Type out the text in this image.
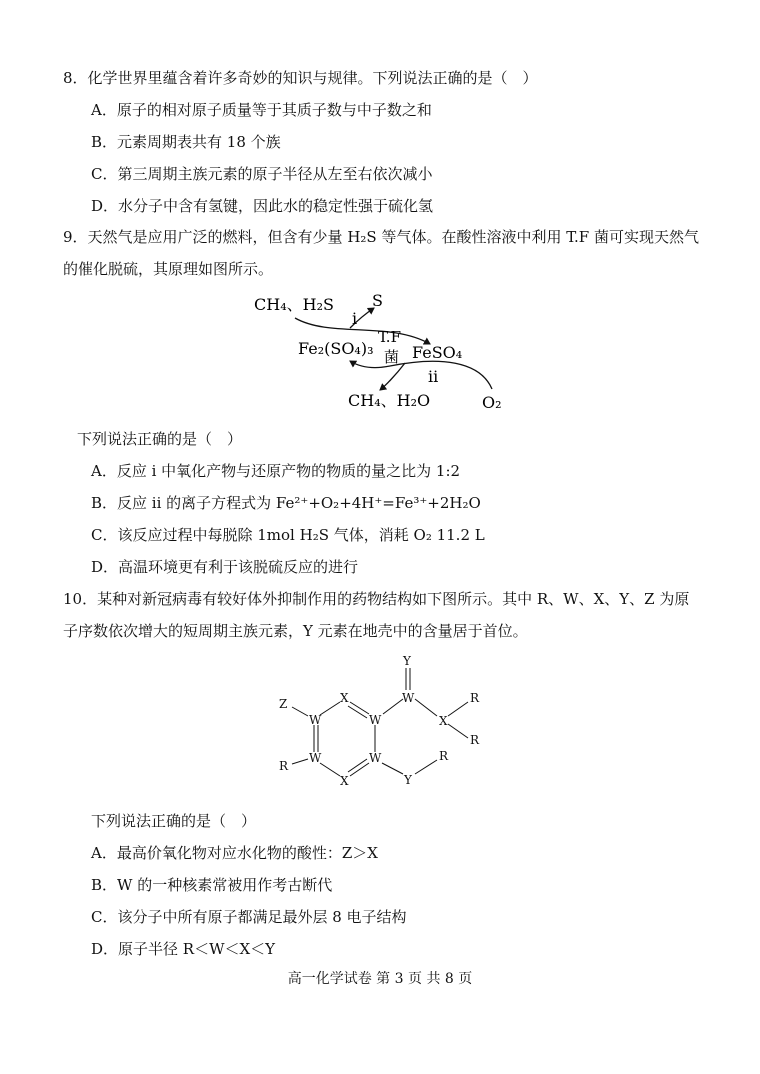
8．化学世界里蕴含着许多奇妙的知识与规律。下列说法正确的是（　）
A．原子的相对原子质量等于其质子数与中子数之和
B．元素周期表共有 18 个族
C．第三周期主族元素的原子半径从左至右依次减小
D．水分子中含有氢键，因此水的稳定性强于硫化氢
9．天然气是应用广泛的燃料，但含有少量 H₂S 等气体。在酸性溶液中利用 T.F 菌可实现天然气
的催化脱硫，其原理如图所示。
CH₄、H₂S S
i
Fe₂(SO₄)₃
T.F
菌 FeSO₄
ii
CH₄、H₂O	O₂
下列说法正确的是（　）
A．反应 i 中氧化产物与还原产物的物质的量之比为 1:2
B．反应 ii 的离子方程式为 Fe²⁺+O₂+4H⁺=Fe³⁺+2H₂O
C．该反应过程中每脱除 1mol H₂S 气体，消耗 O₂ 11.2 L
D．高温环境更有利于该脱硫反应的进行
10．某种对新冠病毒有较好体外抑制作用的药物结构如下图所示。其中 R、W、X、Y、Z 为原
子序数依次增大的短周期主族元素，Y 元素在地壳中的含量居于首位。
Y
W
X
R
R
X
W
W
W	W
X	Y
R
Z
R
下列说法正确的是（　）
A．最高价氧化物对应水化物的酸性：Z＞X
B．W 的一种核素常被用作考古断代
C．该分子中所有原子都满足最外层 8 电子结构
D．原子半径 R＜W＜X＜Y
高一化学试卷 第 3 页 共 8 页
